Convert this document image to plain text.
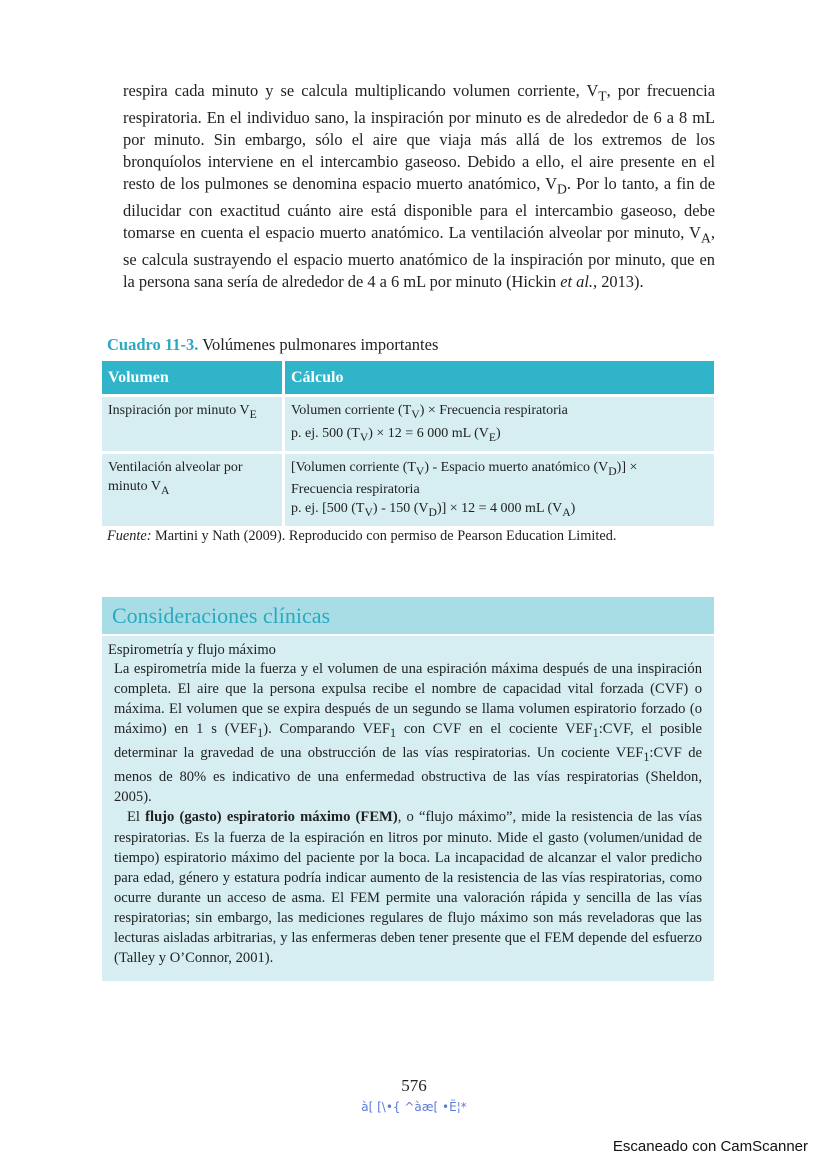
respira cada minuto y se calcula multiplicando volumen corriente, $V_T$, por frecuencia respiratoria. En el individuo sano, la inspiración por minuto es de alrededor de 6 a 8 mL por minuto. Sin embargo, sólo el aire que viaja más allá de los extremos de los bronquíolos interviene en el intercambio gaseoso. Debido a ello, el aire presente en el resto de los pulmones se denomina espacio muerto anatómico, $V_D$. Por lo tanto, a fin de dilucidar con exactitud cuánto aire está disponible para el intercambio gaseoso, debe tomarse en cuenta el espacio muerto anatómico. La ventilación alveolar por minuto, $V_A$, se calcula sustrayendo el espacio muerto anatómico de la inspiración por minuto, que en la persona sana sería de alrededor de 4 a 6 mL por minuto (Hickin et al., 2013).

Cuadro 11-3. Volúmenes pulmonares importantes

Volumen	Cálculo
Inspiración por minuto $V_E$	Volumen corriente $(T_V)$ × Frecuencia respiratoria
p. ej. 500 $(T_V) \times 12 = 6$ 000 mL $(V_E)$

Ventilación alveolar por
minuto $V_A$	[Volumen corriente $(T_V)$ - Espacio muerto anatómico $(V_D)$] ×
Frecuencia respiratoria
p. ej. [500 $(T_V) - 150$ $(V_D)] \times 12 = 4$ 000 mL $(V_A)$

Fuente: Martini y Nath (2009). Reproducido con permiso de Pearson Education Limited.

Consideraciones clínicas
Espirometría y flujo máximo

La espirometría mide la fuerza y el volumen de una espiración máxima después de una inspiración completa. El aire que la persona expulsa recibe el nombre de capacidad vital forzada (CVF) o máxima. El volumen que se expira después de un segundo se llama volumen espiratorio forzado (o máximo) en 1 s $(VEF_1)$. Comparando $VEF_1$ con CVF en el cociente $VEF_1:CVF$, el posible determinar la gravedad de una obstrucción de las vías respiratorias. Un cociente $VEF_1:CVF$ de menos de 80% es indicativo de una enfermedad obstructiva de las vías respiratorias (Sheldon, 2005).

El flujo (gasto) espiratorio máximo (FEM), o “flujo máximo”, mide la resistencia de las vías respiratorias. Es la fuerza de la espiración en litros por minuto. Mide el gasto (volumen/unidad de tiempo) espiratorio máximo del paciente por la boca. La incapacidad de alcanzar el valor predicho para edad, género y estatura podría indicar aumento de la resistencia de las vías respiratorias, como ocurre durante un acceso de asma. El FEM permite una valoración rápida y sencilla de las vías respiratorias; sin embargo, las mediciones regulares de flujo máximo son más reveladoras que las lecturas aisladas arbitrarias, y las enfermeras deben tener presente que el FEM depende del esfuerzo (Talley y O’Connor, 2001).

576
à[ [\•{ ^àæ[ •Ë¦*
Escaneado con CamScanner
